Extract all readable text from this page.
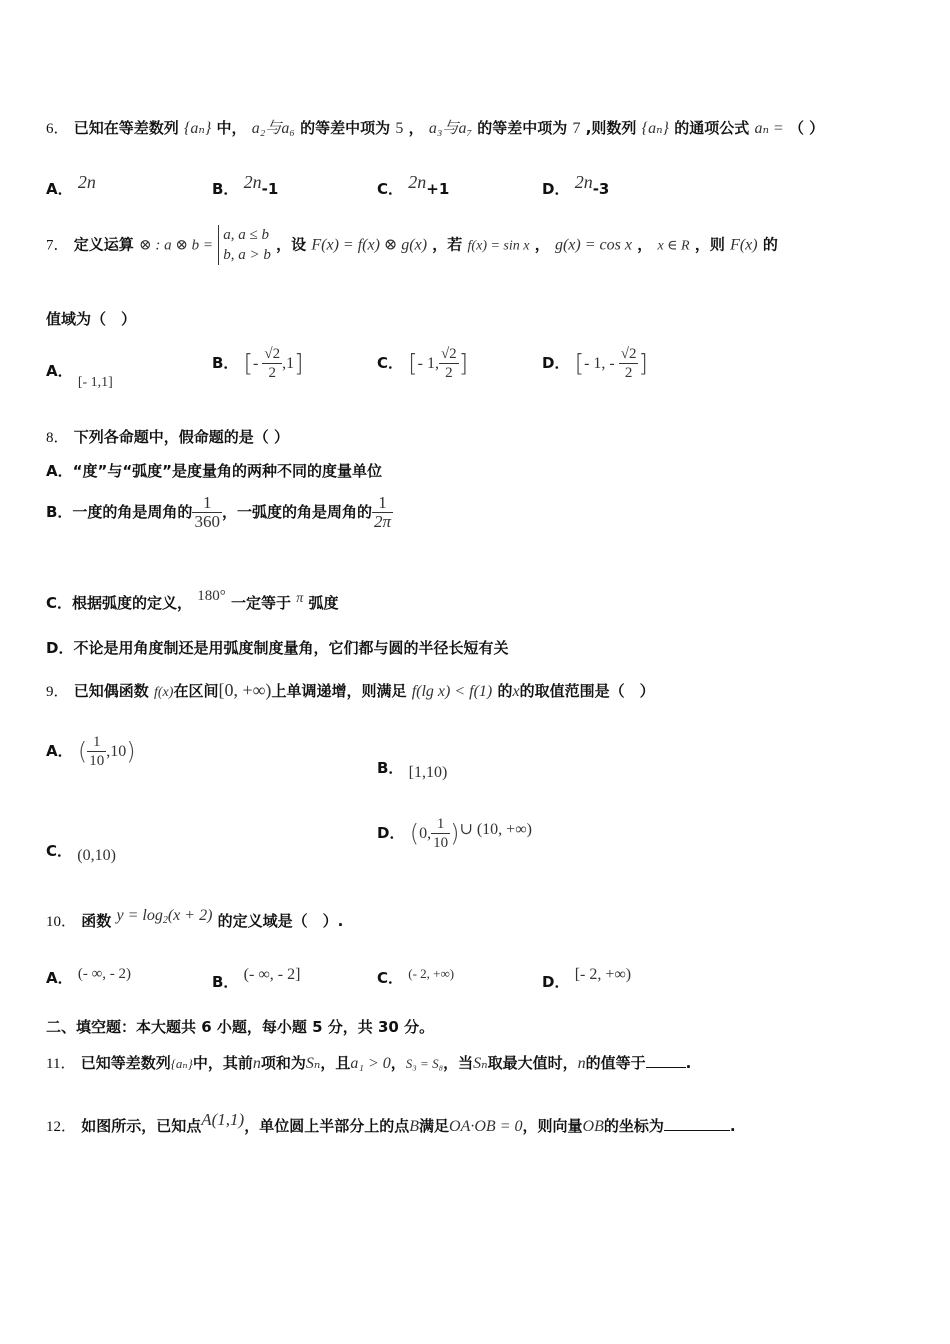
6． 已知在等差数列 {aₙ} 中， a₂与a₆ 的等差中项为 5 ， a₃与a₇ 的等差中项为 7 ,则数列 {aₙ} 的通项公式 aₙ = （ ）
A． 2n	B． 2n-1	C． 2n+1	D． 2n-3
7． 定义运算 ⊗ : a ⊗ b =
a, a ≤ b
b, a > b
，设 F(x) = f(x) ⊗ g(x) ，若 f(x) = sin x ， g(x) = cos x ， x ∈ R ，则 F(x) 的
值域为（　）
A． [- 1,1]
B． [- $\frac{√2}{2} ,1$]	C． [- 1, $\frac{√2}{2}$ ]	D． [- 1, - $\frac{√2}{2}$ ]
8． 下列各命题中，假命题的是（ ）
A．“度”与“弧度”是度量角的两种不同的度量单位
B．一度的角是周角的 $\frac{1}{360}$ ，一弧度的角是周角的 $\frac{1}{2\pi}$
C．根据弧度的定义， 180° 一定等于 π 弧度
D．不论是用角度制还是用弧度制度量角，它们都与圆的半径长短有关
9． 已知偶函数 f(x)在区间[0, +∞)上单调递增，则满足 f(lg x) < f(1) 的x的取值范围是（　）
A． ( $\frac{1}{10} ,10$)
B． [1,10)
C． (0,10)
D． (0, $\frac{1}{10}$ )∪ (10, +∞)
10． 函数 $y = \log_2(x + 2)$ 的定义域是（　）.
A． (- ∞, - 2)	B． (- ∞, - 2]	C． (- 2, +∞)	D． [- 2, +∞)
二、填空题：本大题共 6 小题，每小题 5 分，共 30 分。
11． 已知等差数列{aₙ}中，其前n项和为Sₙ，且a₁ > 0，S₃ = S₈，当Sₙ取最大值时，n的值等于	.
12． 如图所示，已知点A(1,1)，单位圆上半部分上的点B满足OA·OB = 0，则向量OB的坐标为	.
